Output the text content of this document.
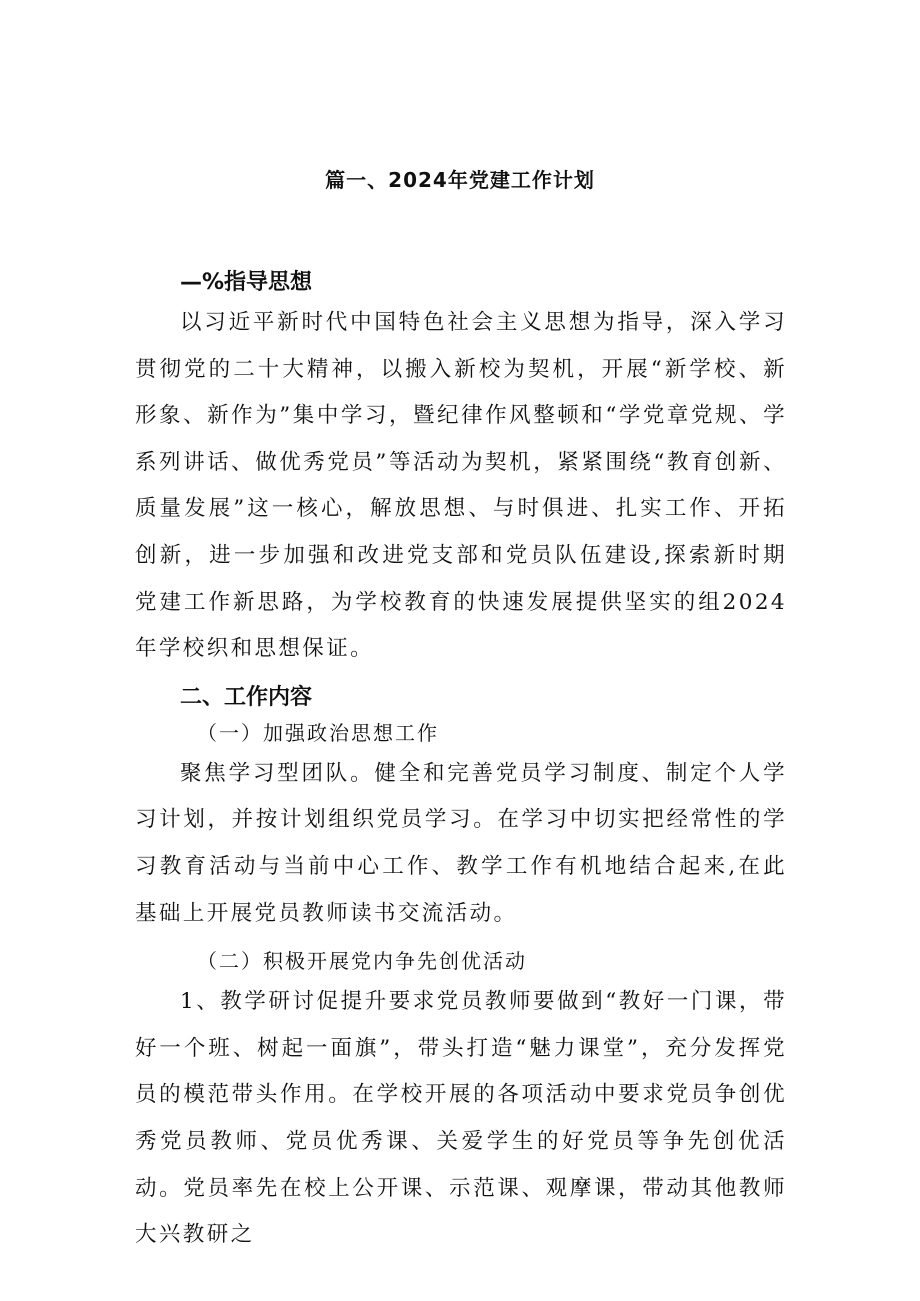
篇一、2024年党建工作计划
—%指导思想

以习近平新时代中国特色社会主义思想为指导，深入学习贯彻党的二十大精神，以搬入新校为契机，开展“新学校、新形象、新作为”集中学习，暨纪律作风整顿和“学党章党规、学系列讲话、做优秀党员”等活动为契机，紧紧围绕“教育创新、质量发展”这一核心，解放思想、与时俱进、扎实工作、开拓创新，进一步加强和改进党支部和党员队伍建设,探索新时期党建工作新思路，为学校教育的快速发展提供坚实的组2024年学校织和思想保证。

二、工作内容
（一）加强政治思想工作

聚焦学习型团队。健全和完善党员学习制度、制定个人学习计划，并按计划组织党员学习。在学习中切实把经常性的学习教育活动与当前中心工作、教学工作有机地结合起来,在此基础上开展党员教师读书交流活动。

（二）积极开展党内争先创优活动

1、教学研讨促提升要求党员教师要做到“教好一门课，带好一个班、树起一面旗”，带头打造“魅力课堂”，充分发挥党员的模范带头作用。在学校开展的各项活动中要求党员争创优秀党员教师、党员优秀课、关爱学生的好党员等争先创优活动。党员率先在校上公开课、示范课、观摩课，带动其他教师大兴教研之
